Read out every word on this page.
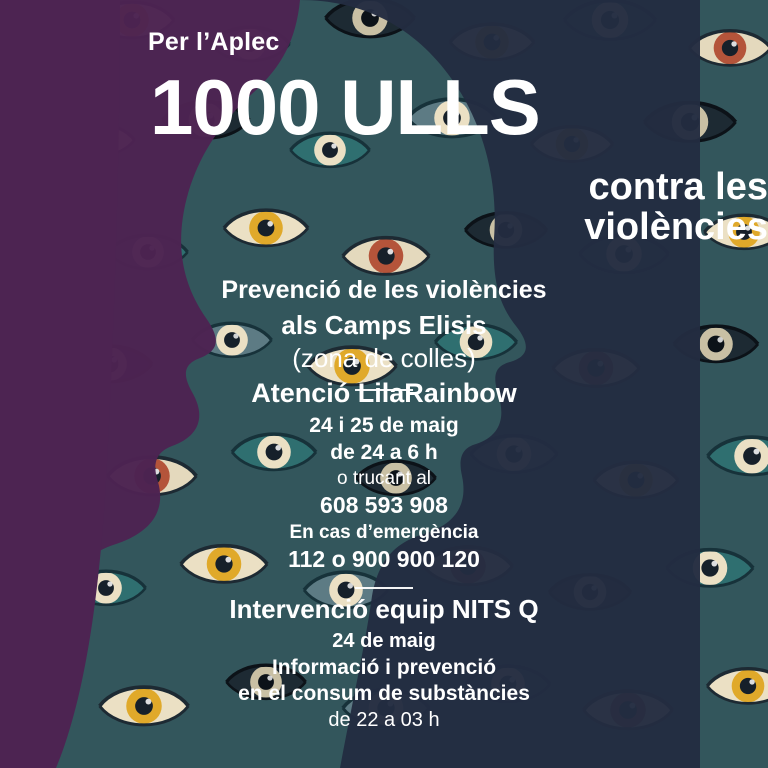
Per l’Aplec
1000 ULLS
contra les
violències
Prevenció de les violències
als Camps Elisis
(zona de colles)
Atenció LilaRainbow
24 i 25 de maig
de 24 a 6 h
o trucant al
608 593 908
En cas d’emergència
112 o 900 900 120
Intervenció equip NITS Q
24 de maig
Informació i prevenció
en el consum de substàncies
de 22 a 03 h
